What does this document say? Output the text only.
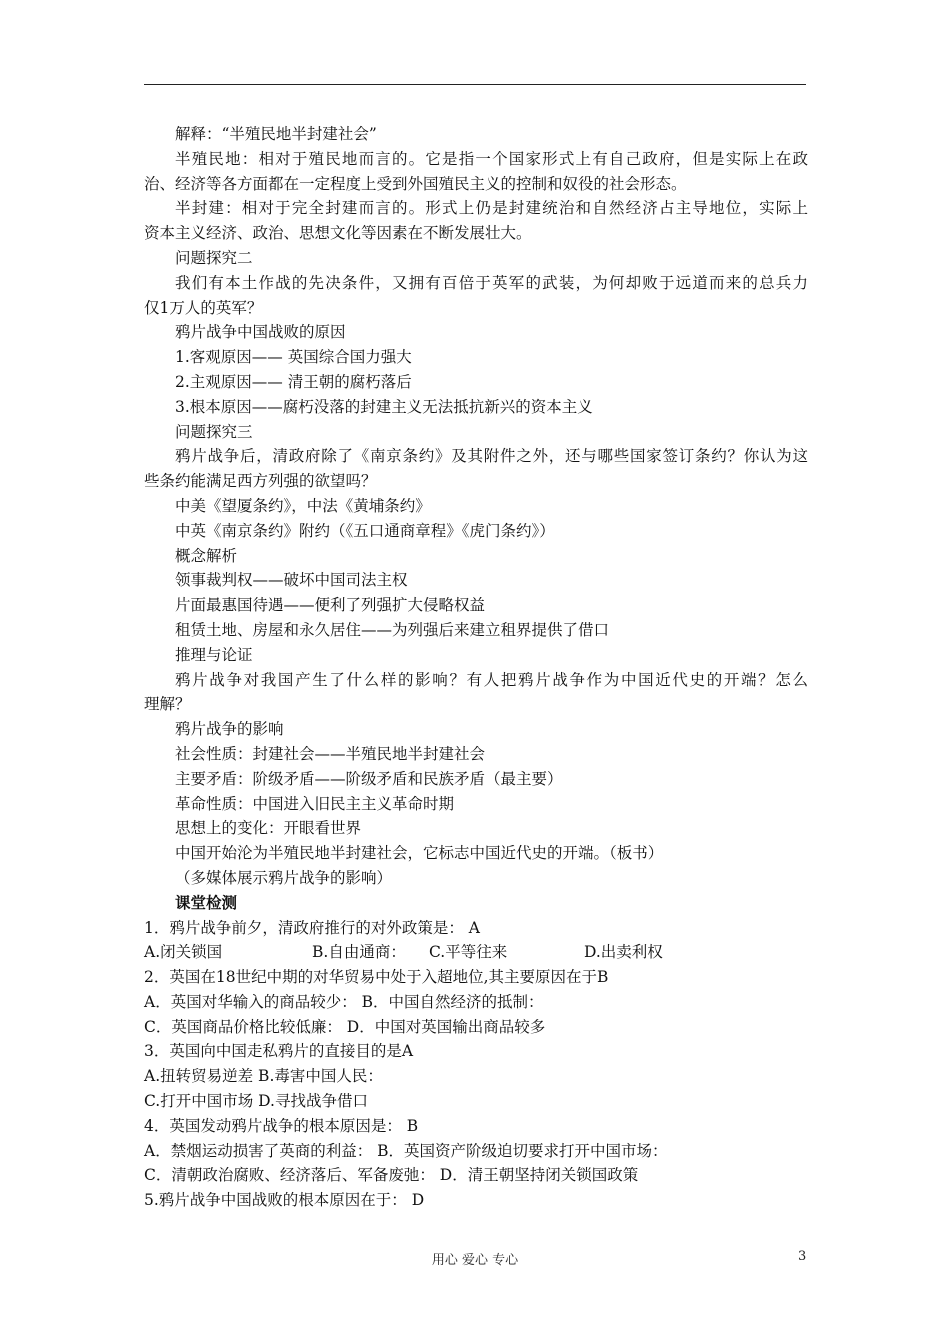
解释：“半殖民地半封建社会”
半殖民地：相对于殖民地而言的。它是指一个国家形式上有自己政府，但是实际上在政
治、经济等各方面都在一定程度上受到外国殖民主义的控制和奴役的社会形态。
半封建：相对于完全封建而言的。形式上仍是封建统治和自然经济占主导地位，实际上
资本主义经济、政治、思想文化等因素在不断发展壮大。
问题探究二
我们有本土作战的先决条件，又拥有百倍于英军的武装，为何却败于远道而来的总兵力
仅1万人的英军？
鸦片战争中国战败的原因
1.客观原因—— 英国综合国力强大
2.主观原因—— 清王朝的腐朽落后
3.根本原因——腐朽没落的封建主义无法抵抗新兴的资本主义
问题探究三
鸦片战争后，清政府除了《南京条约》及其附件之外，还与哪些国家签订条约？你认为这
些条约能满足西方列强的欲望吗？
中美《望厦条约》，中法《黄埔条约》
中英《南京条约》附约（《五口通商章程》《虎门条约》）
概念解析
领事裁判权——破坏中国司法主权
片面最惠国待遇——便利了列强扩大侵略权益
租赁土地、房屋和永久居住——为列强后来建立租界提供了借口
推理与论证
鸦片战争对我国产生了什么样的影响？有人把鸦片战争作为中国近代史的开端？怎么
理解？
鸦片战争的影响
社会性质：封建社会——半殖民地半封建社会
主要矛盾：阶级矛盾——阶级矛盾和民族矛盾（最主要）
革命性质：中国进入旧民主主义革命时期
思想上的变化：开眼看世界
中国开始沦为半殖民地半封建社会，它标志中国近代史的开端。（板书）
（多媒体展示鸦片战争的影响）
课堂检测
1．鸦片战争前夕，清政府推行的对外政策是： A
A.闭关锁国	B.自由通商：	C.平等往来	D.出卖利权
2．英国在18世纪中期的对华贸易中处于入超地位,其主要原因在于B
A．英国对华输入的商品较少： B．中国自然经济的抵制：
C．英国商品价格比较低廉： D．中国对英国输出商品较多
3．英国向中国走私鸦片的直接目的是A
A.扭转贸易逆差 B.毒害中国人民：
C.打开中国市场 D.寻找战争借口
4．英国发动鸦片战争的根本原因是： B
A．禁烟运动损害了英商的利益： B．英国资产阶级迫切要求打开中国市场：
C．清朝政治腐败、经济落后、军备废弛： D．清王朝坚持闭关锁国政策
5.鸦片战争中国战败的根本原因在于： D
用心 爱心 专心	3
